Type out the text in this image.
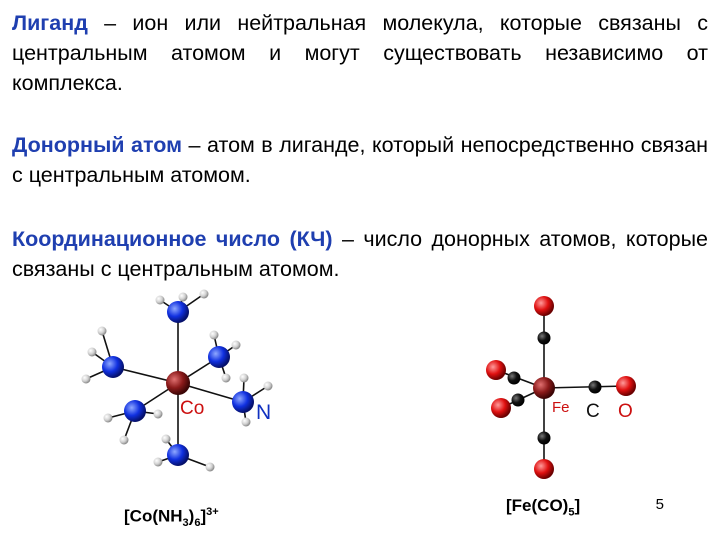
Лиганд – ион или нейтральная молекула, которые связаны с центральным атомом и могут существовать независимо от комплекса.

Донорный атом – атом в лиганде, который непосредственно связан с центральным атомом.

Координационное число (КЧ) – число донорных атомов, которые связаны с центральным атомом.

Co N	Fe C O
$[Co(NH_3)_6]^{3+}$	$[Fe(CO)_5]$	5
